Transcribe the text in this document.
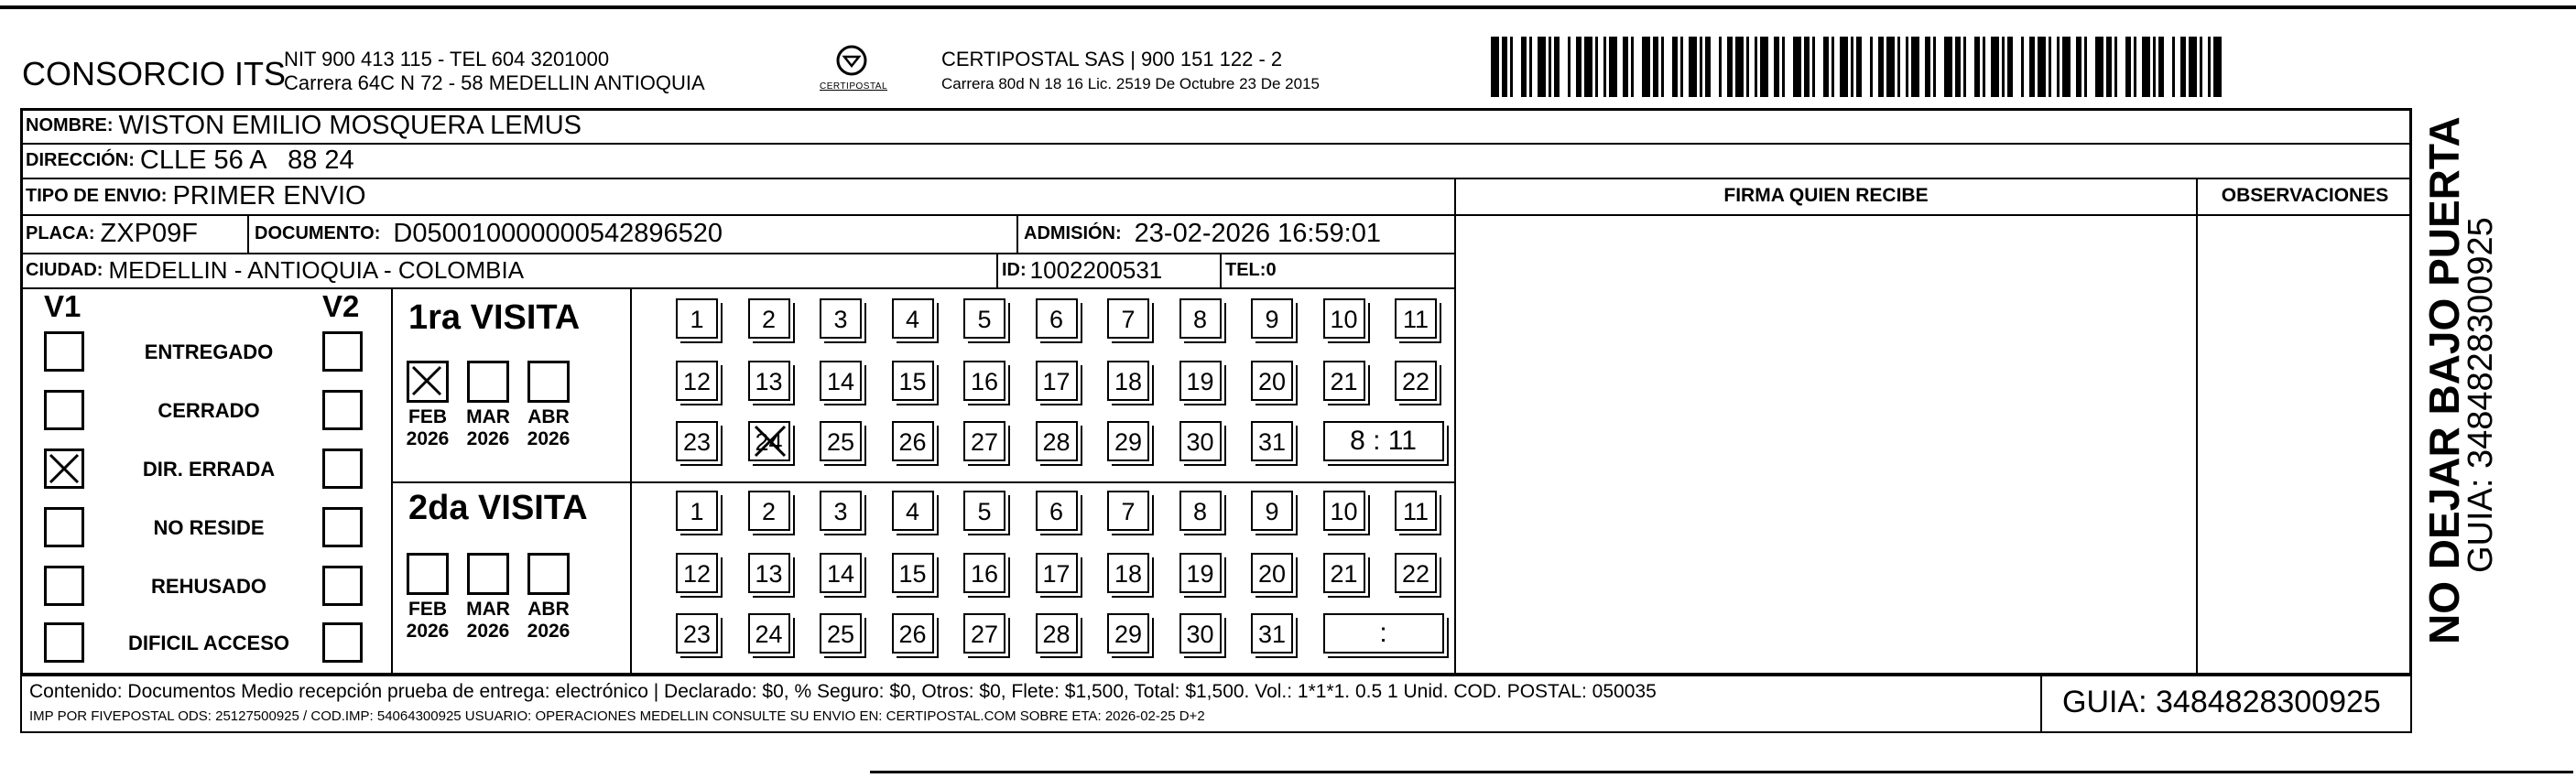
CONSORCIO ITS
NIT 900 413 115 - TEL 604 3201000
Carrera 64C N 72 - 58 MEDELLIN ANTIOQUIA	CERTIPOSTAL
CERTIPOSTAL SAS | 900 151 122 - 2
Carrera 80d N 18 16 Lic. 2519 De Octubre 23 De 2015
NOMBRE: WISTON EMILIO MOSQUERA LEMUS
DIRECCIÓN: CLLE 56 A   88 24
TIPO DE ENVIO: PRIMER ENVIO	FIRMA QUIEN RECIBE	OBSERVACIONES
PLACA: ZXP09F	DOCUMENTO: D050010000000542896520	ADMISIÓN: 23-02-2026 16:59:01
CIUDAD: MEDELLIN - ANTIOQUIA - COLOMBIA	ID: 1002200531	TEL: 0
V1	V2
ENTREGADO
CERRADO
DIR. ERRADA
NO RESIDE
REHUSADO
DIFICIL ACCESO
1ra VISITA
2da VISITA
FEB
2026
MAR
2026
ABR
2026
1	2	3	4	5	6	7	8	9	10	11
12 13 14 15 16 17 18 19 20 21 22
23 24 25 26 27 28 29 30 31	8 : 11
FEB
2026
MAR
2026
ABR
2026
1	2	3	4	5	6	7	8	9	10	11
12 13 14 15 16 17 18 19 20 21 22
23 24 25 26 27 28 29 30 31	:
Contenido: Documentos Medio recepción prueba de entrega: electrónico | Declarado: $0, % Seguro: $0, Otros: $0, Flete: $1,500, Total: $1,500. Vol.: 1*1*1. 0.5 1 Unid. COD. POSTAL: 050035
IMP POR FIVEPOSTAL ODS: 25127500925 / COD.IMP: 54064300925 USUARIO: OPERACIONES MEDELLIN CONSULTE SU ENVIO EN: CERTIPOSTAL.COM SOBRE ETA: 2026-02-25 D+2	GUIA: 3484828300925
NO DEJAR BAJO PUERTA
GUIA: 3484828300925
